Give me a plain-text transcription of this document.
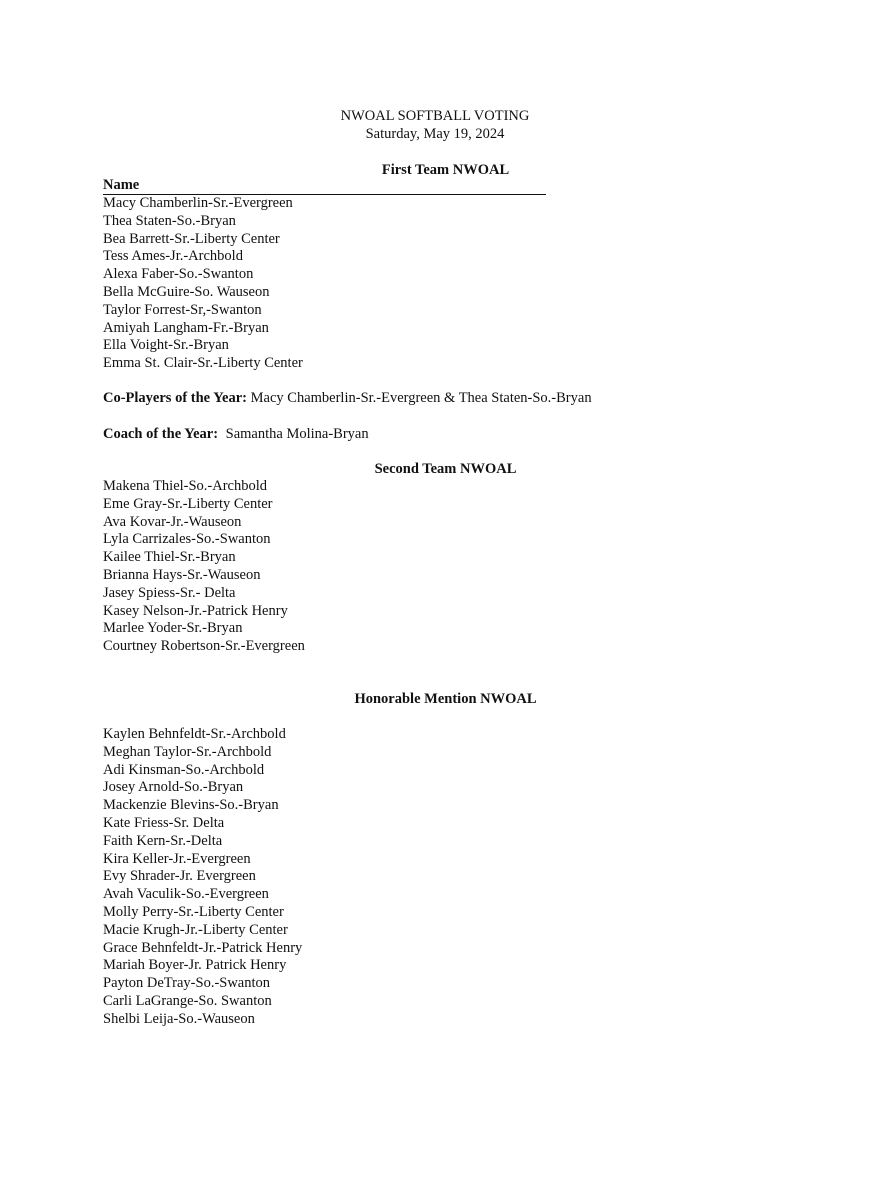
NWOAL SOFTBALL VOTING
Saturday, May 19, 2024
First Team NWOAL
Name
Macy Chamberlin-Sr.-Evergreen
Thea Staten-So.-Bryan
Bea Barrett-Sr.-Liberty Center
Tess Ames-Jr.-Archbold
Alexa Faber-So.-Swanton
Bella McGuire-So. Wauseon
Taylor Forrest-Sr,-Swanton
Amiyah Langham-Fr.-Bryan
Ella Voight-Sr.-Bryan
Emma St. Clair-Sr.-Liberty Center
Co-Players of the Year: Macy Chamberlin-Sr.-Evergreen & Thea Staten-So.-Bryan
Coach of the Year: Samantha Molina-Bryan
Second Team NWOAL
Makena Thiel-So.-Archbold
Eme Gray-Sr.-Liberty Center
Ava Kovar-Jr.-Wauseon
Lyla Carrizales-So.-Swanton
Kailee Thiel-Sr.-Bryan
Brianna Hays-Sr.-Wauseon
Jasey Spiess-Sr.- Delta
Kasey Nelson-Jr.-Patrick Henry
Marlee Yoder-Sr.-Bryan
Courtney Robertson-Sr.-Evergreen
Honorable Mention NWOAL
Kaylen Behnfeldt-Sr.-Archbold
Meghan Taylor-Sr.-Archbold
Adi Kinsman-So.-Archbold
Josey Arnold-So.-Bryan
Mackenzie Blevins-So.-Bryan
Kate Friess-Sr. Delta
Faith Kern-Sr.-Delta
Kira Keller-Jr.-Evergreen
Evy Shrader-Jr. Evergreen
Avah Vaculik-So.-Evergreen
Molly Perry-Sr.-Liberty Center
Macie Krugh-Jr.-Liberty Center
Grace Behnfeldt-Jr.-Patrick Henry
Mariah Boyer-Jr. Patrick Henry
Payton DeTray-So.-Swanton
Carli LaGrange-So. Swanton
Shelbi Leija-So.-Wauseon
